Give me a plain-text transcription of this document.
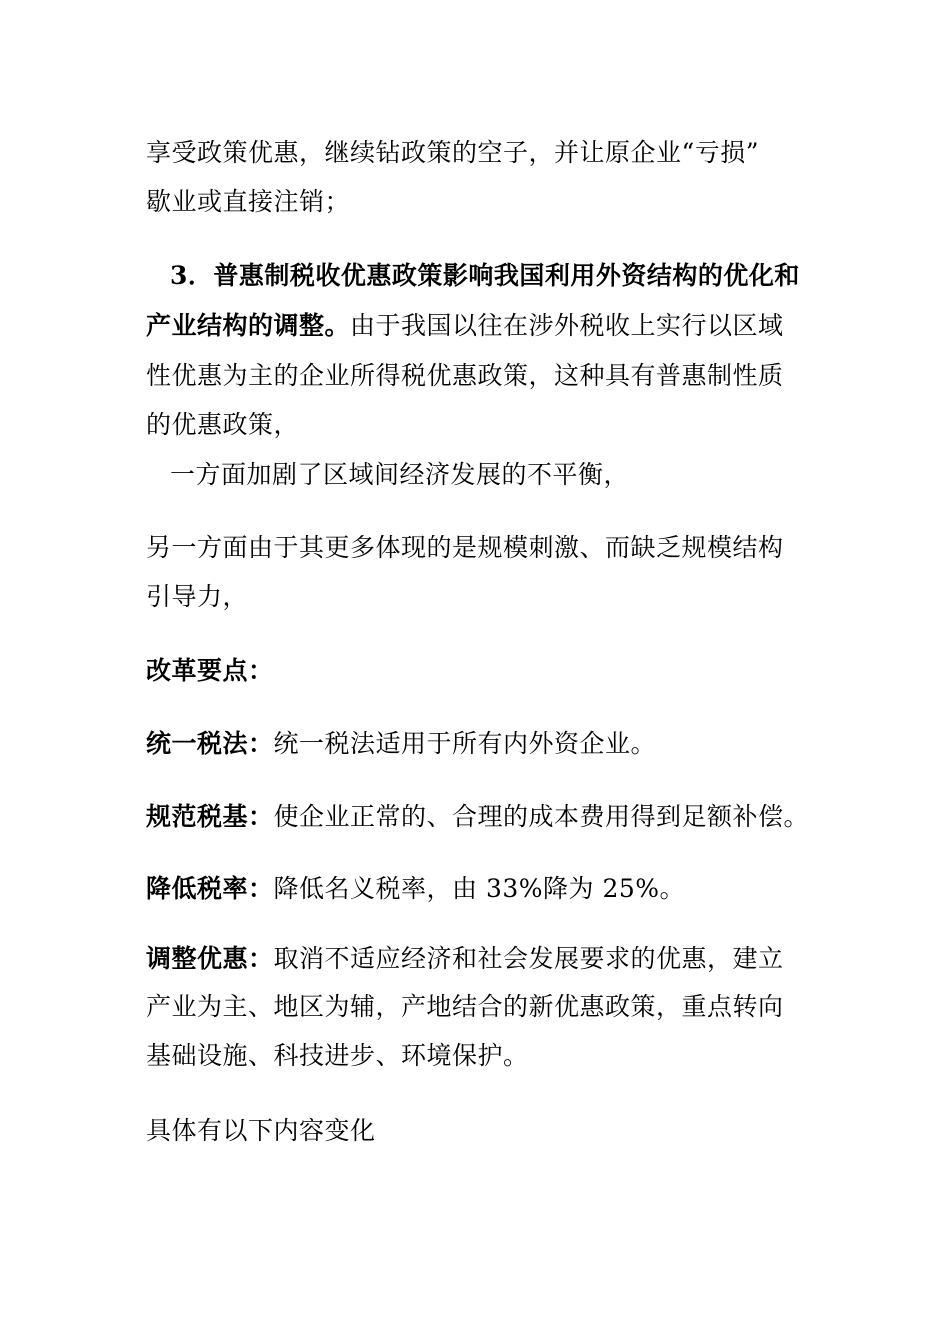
享受政策优惠，继续钻政策的空子，并让原企业“亏损”
歇业或直接注销；
3．普惠制税收优惠政策影响我国利用外资结构的优化和
产业结构的调整。由于我国以往在涉外税收上实行以区域
性优惠为主的企业所得税优惠政策，这种具有普惠制性质
的优惠政策，
一方面加剧了区域间经济发展的不平衡，
另一方面由于其更多体现的是规模刺激、而缺乏规模结构
引导力，
改革要点：
统一税法：统一税法适用于所有内外资企业。
规范税基：使企业正常的、合理的成本费用得到足额补偿。
降低税率：降低名义税率，由 33%降为 25%。
调整优惠：取消不适应经济和社会发展要求的优惠，建立
产业为主、地区为辅，产地结合的新优惠政策，重点转向
基础设施、科技进步、环境保护。
具体有以下内容变化
